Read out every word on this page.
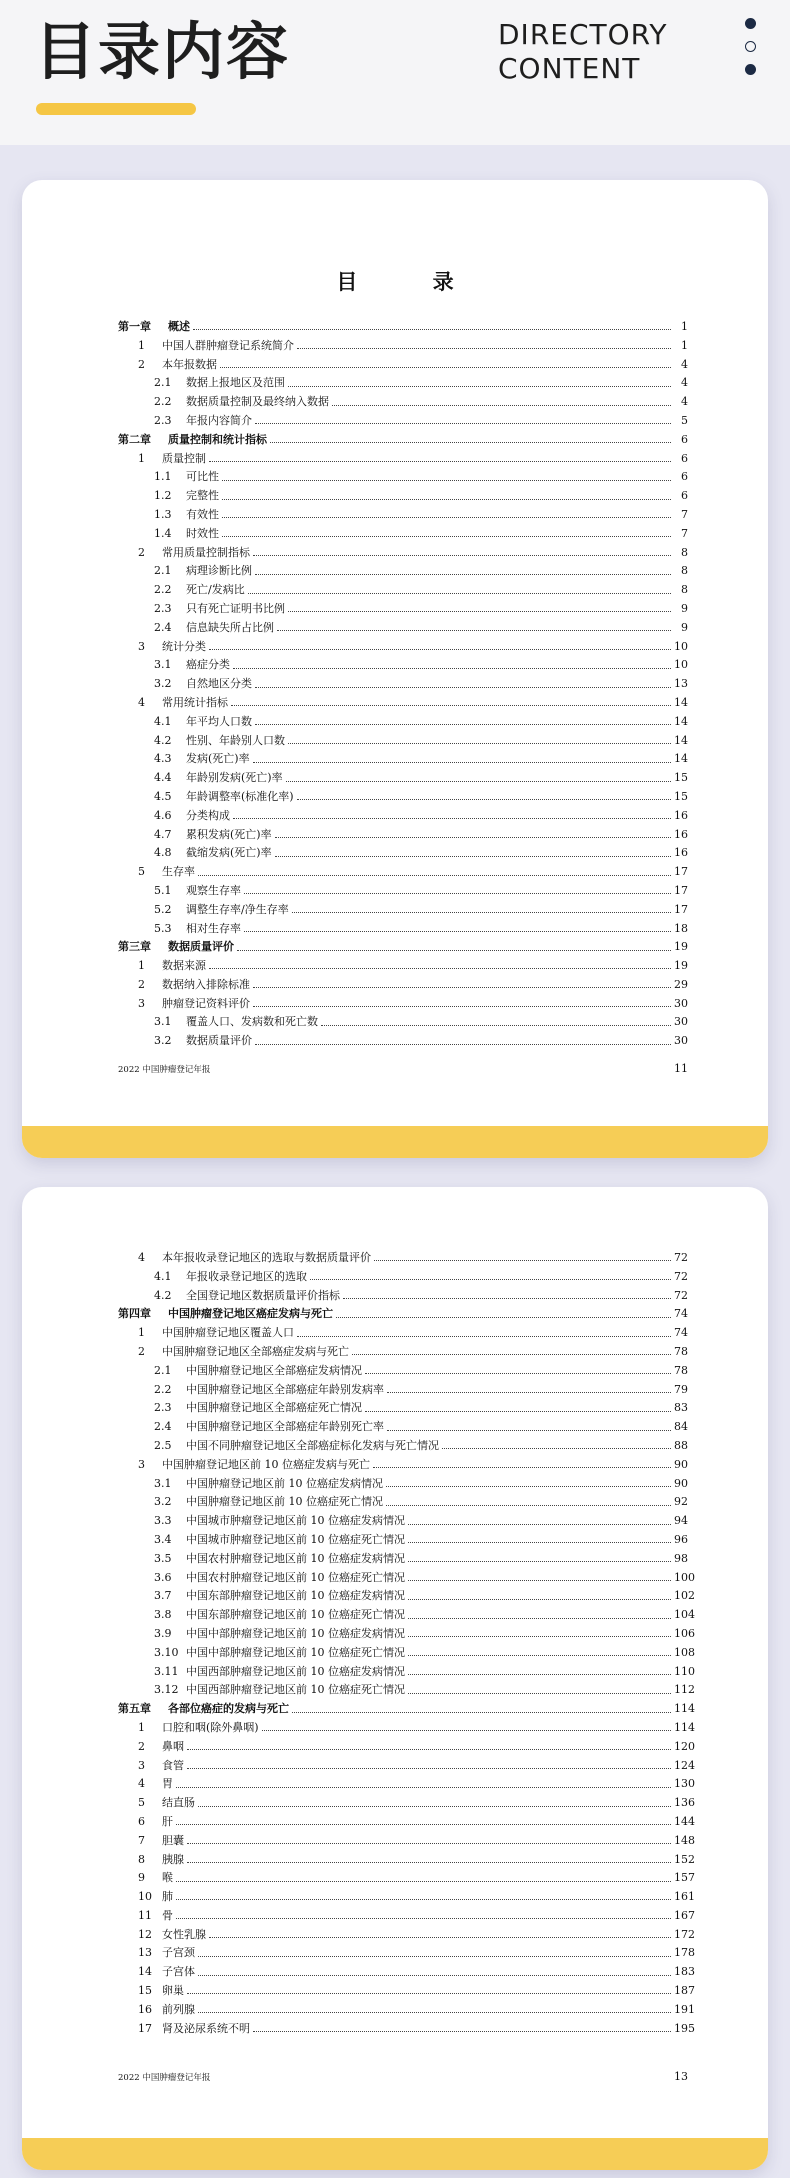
目录内容	DIRECTORY
CONTENT
目 录
第一章	概述	1
1	中国人群肿瘤登记系统简介	1
2	本年报数据	4
2.1	数据上报地区及范围	4
2.2	数据质量控制及最终纳入数据	4
2.3	年报内容简介	5
第二章	质量控制和统计指标	6
1	质量控制	6
1.1	可比性	6
1.2	完整性	6
1.3	有效性	7
1.4	时效性	7
2	常用质量控制指标	8
2.1	病理诊断比例	8
2.2	死亡/发病比	8
2.3	只有死亡证明书比例	9
2.4	信息缺失所占比例	9
3	统计分类	10
3.1	癌症分类	10
3.2	自然地区分类	13
4	常用统计指标	14
4.1	年平均人口数	14
4.2	性别、年龄别人口数	14
4.3	发病(死亡)率	14
4.4	年龄别发病(死亡)率	15
4.5	年龄调整率(标准化率)	15
4.6	分类构成	16
4.7	累积发病(死亡)率	16
4.8	截缩发病(死亡)率	16
5	生存率	17
5.1	观察生存率	17
5.2	调整生存率/净生存率	17
5.3	相对生存率	18
第三章	数据质量评价	19
1	数据来源	19
2	数据纳入排除标准	29
3	肿瘤登记资料评价	30
3.1	覆盖人口、发病数和死亡数	30
3.2	数据质量评价	30
2022 中国肿瘤登记年报	11
4	本年报收录登记地区的选取与数据质量评价	72
4.1	年报收录登记地区的选取	72
4.2	全国登记地区数据质量评价指标	72
第四章	中国肿瘤登记地区癌症发病与死亡	74
1	中国肿瘤登记地区覆盖人口	74
2	中国肿瘤登记地区全部癌症发病与死亡	78
2.1	中国肿瘤登记地区全部癌症发病情况	78
2.2	中国肿瘤登记地区全部癌症年龄别发病率	79
2.3	中国肿瘤登记地区全部癌症死亡情况	83
2.4	中国肿瘤登记地区全部癌症年龄别死亡率	84
2.5	中国不同肿瘤登记地区全部癌症标化发病与死亡情况	88
3	中国肿瘤登记地区前 10 位癌症发病与死亡	90
3.1	中国肿瘤登记地区前 10 位癌症发病情况	90
3.2	中国肿瘤登记地区前 10 位癌症死亡情况	92
3.3	中国城市肿瘤登记地区前 10 位癌症发病情况	94
3.4	中国城市肿瘤登记地区前 10 位癌症死亡情况	96
3.5	中国农村肿瘤登记地区前 10 位癌症发病情况	98
3.6	中国农村肿瘤登记地区前 10 位癌症死亡情况	100
3.7	中国东部肿瘤登记地区前 10 位癌症发病情况	102
3.8	中国东部肿瘤登记地区前 10 位癌症死亡情况	104
3.9	中国中部肿瘤登记地区前 10 位癌症发病情况	106
3.10 中国中部肿瘤登记地区前 10 位癌症死亡情况	108
3.11 中国西部肿瘤登记地区前 10 位癌症发病情况	110
3.12 中国西部肿瘤登记地区前 10 位癌症死亡情况	112
第五章	各部位癌症的发病与死亡	114
1	口腔和咽(除外鼻咽)	114
2	鼻咽	120
3	食管	124
4	胃	130
5	结直肠	136
6	肝	144
7	胆囊	148
8	胰腺	152
9	喉	157
10 肺	161
11 骨	167
12 女性乳腺	172
13 子宫颈	178
14 子宫体	183
15 卵巢	187
16 前列腺	191
17 肾及泌尿系统不明	195
2022 中国肿瘤登记年报	13
